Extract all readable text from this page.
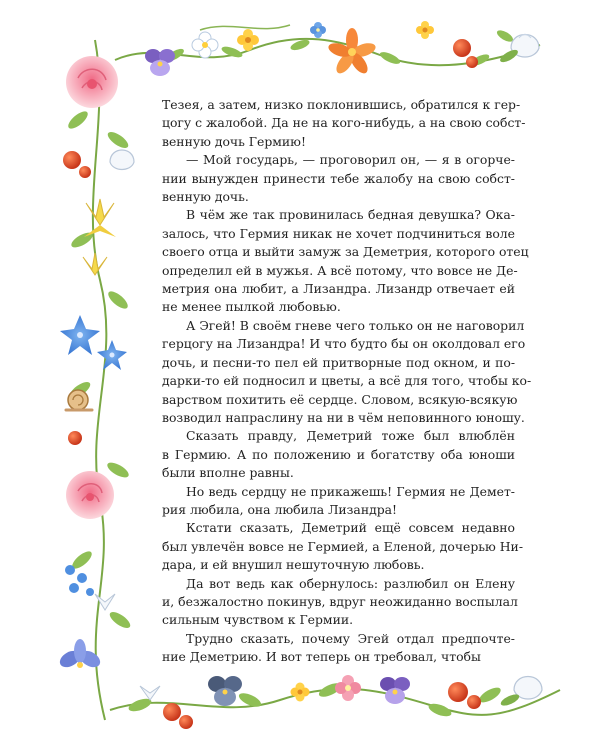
Тезея, а затем, низко поклонившись, обратился к гер-
цогу с жалобой. Да не на кого-нибудь, а на свою собст-
венную дочь Гермию!

— Мой государь, — проговорил он, — я в огорче-
нии вынужден принести тебе жалобу на свою собст-
венную дочь.

В чём же так провинилась бедная девушка? Ока-
залось, что Гермия никак не хочет подчиниться воле
своего отца и выйти замуж за Деметрия, которого отец
определил ей в мужья. А всё потому, что вовсе не Де-
метрия она любит, а Лизандра. Лизандр отвечает ей
не менее пылкой любовью.

А Эгей! В своём гневе чего только он не наговорил
герцогу на Лизандра! И что будто бы он околдовал его
дочь, и песни-то пел ей притворные под окном, и по-
дарки-то ей подносил и цветы, а всё для того, чтобы ко-
варством похитить её сердце. Словом, всякую-всякую
возводил напраслину на ни в чём неповинного юношу.

Сказать правду, Деметрий тоже был влюблён
в Гермию. А по положению и богатству оба юноши
были вполне равны.

Но ведь сердцу не прикажешь! Гермия не Демет-
рия любила, она любила Лизандра!

Кстати сказать, Деметрий ещё совсем недавно
был увлечён вовсе не Гермией, а Еленой, дочерью Ни-
дара, и ей внушил нешуточную любовь.

Да вот ведь как обернулось: разлюбил он Елену
и, безжалостно покинув, вдруг неожиданно воспылал
сильным чувством к Гермии.

Трудно сказать, почему Эгей отдал предпочте-
ние Деметрию. И вот теперь он требовал, чтобы
